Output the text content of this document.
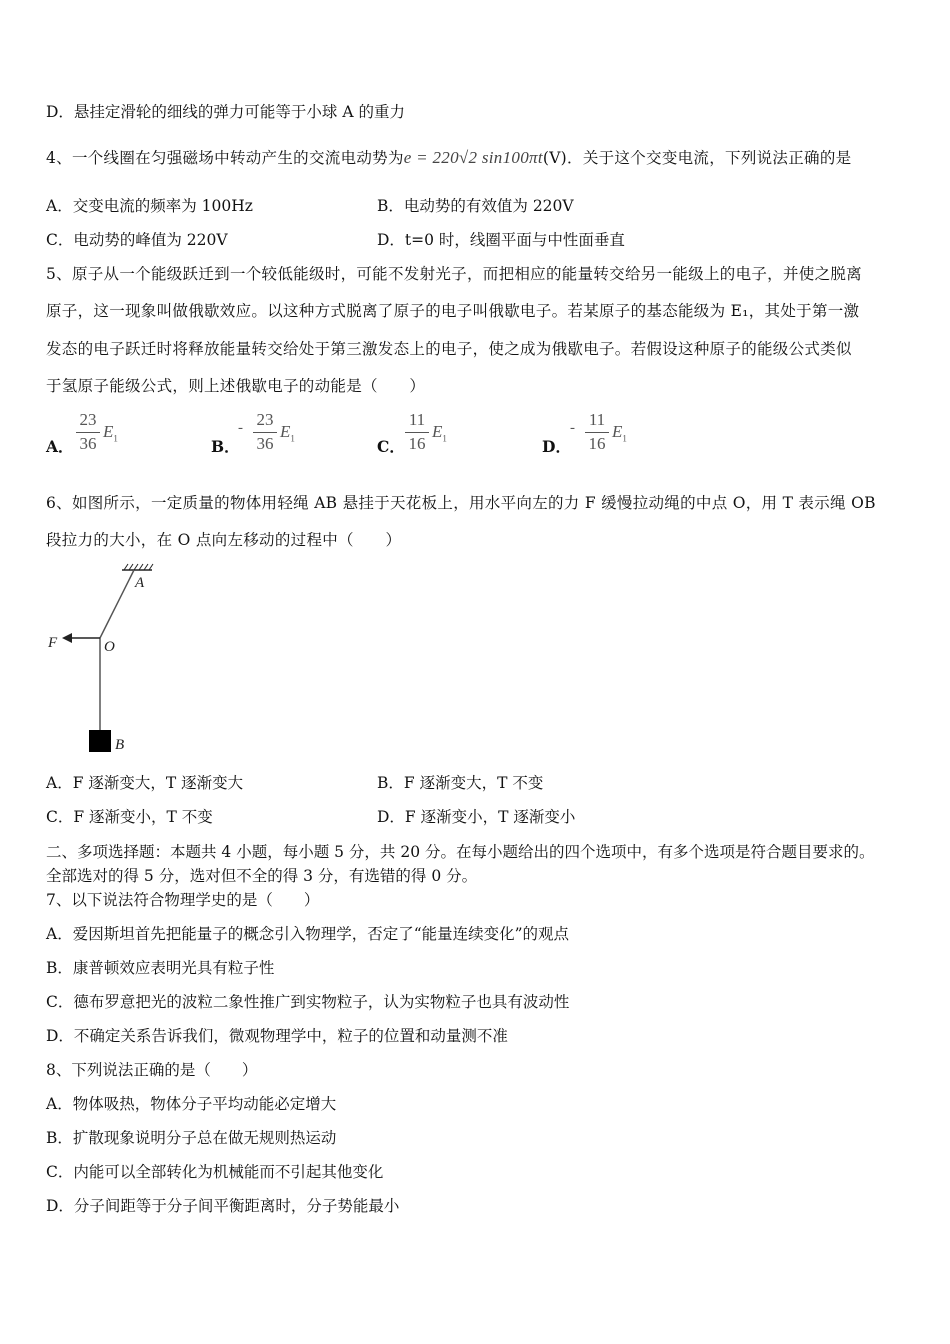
D．悬挂定滑轮的细线的弹力可能等于小球 A 的重力
4、一个线圈在匀强磁场中转动产生的交流电动势为e = 220√2 sin100πt(V)．关于这个交变电流，下列说法正确的是
A．交变电流的频率为 100Hz	B．电动势的有效值为 220V
C．电动势的峰值为 220V	D．t=0 时，线圈平面与中性面垂直
5、原子从一个能级跃迁到一个较低能级时，可能不发射光子，而把相应的能量转交给另一能级上的电子，并使之脱离
原子，这一现象叫做俄歇效应。以这种方式脱离了原子的电子叫俄歇电子。若某原子的基态能级为 E₁，其处于第一激
发态的电子跃迁时将释放能量转交给处于第三激发态上的电子，使之成为俄歇电子。若假设这种原子的能级公式类似
于氢原子能级公式，则上述俄歇电子的动能是（　　）
A．
23
36
$E_1$	B．
- 23
36
$E_1$	C．
11
16
$E_1$	D．
- 11
16
$E_1$
6、如图所示，一定质量的物体用轻绳 AB 悬挂于天花板上，用水平向左的力 F 缓慢拉动绳的中点 O，用 T 表示绳 OB
段拉力的大小，在 O 点向左移动的过程中（　　）
A
O
F
B
A．F 逐渐变大，T 逐渐变大	B．F 逐渐变大，T 不变
C．F 逐渐变小，T 不变	D．F 逐渐变小，T 逐渐变小
二、多项选择题：本题共 4 小题，每小题 5 分，共 20 分。在每小题给出的四个选项中，有多个选项是符合题目要求的。
全部选对的得 5 分，选对但不全的得 3 分，有选错的得 0 分。
7、以下说法符合物理学史的是（　　）
A．爱因斯坦首先把能量子的概念引入物理学，否定了“能量连续变化”的观点
B．康普顿效应表明光具有粒子性
C．德布罗意把光的波粒二象性推广到实物粒子，认为实物粒子也具有波动性
D．不确定关系告诉我们，微观物理学中，粒子的位置和动量测不准
8、下列说法正确的是（　　）
A．物体吸热，物体分子平均动能必定增大
B．扩散现象说明分子总在做无规则热运动
C．内能可以全部转化为机械能而不引起其他变化
D．分子间距等于分子间平衡距离时，分子势能最小
